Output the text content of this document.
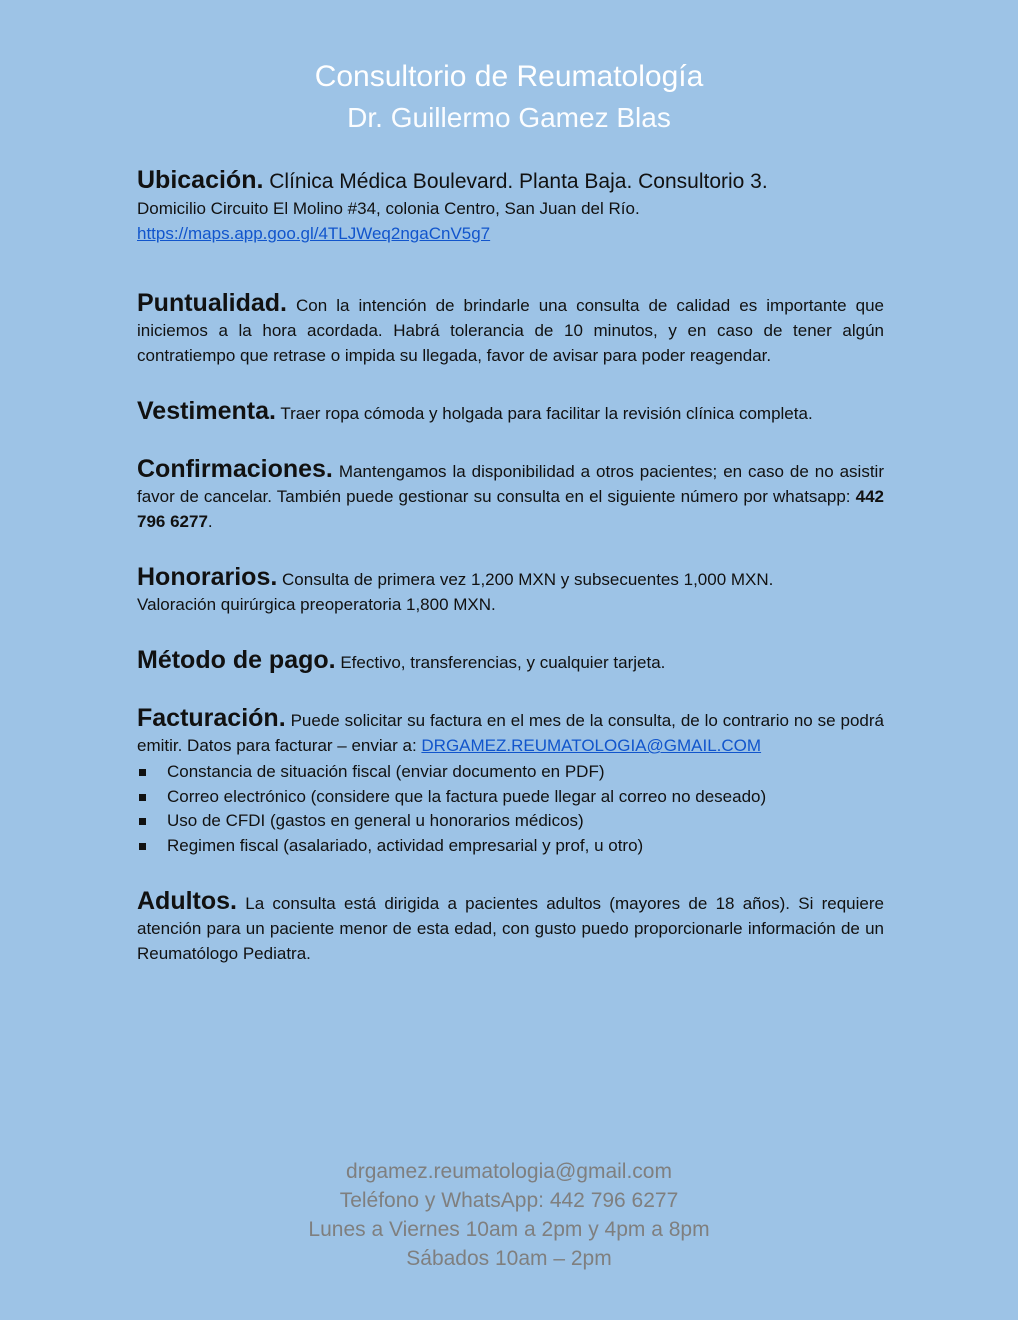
Consultorio de Reumatología
Dr. Guillermo Gamez Blas
Ubicación. Clínica Médica Boulevard. Planta Baja. Consultorio 3.
Domicilio Circuito El Molino #34, colonia Centro, San Juan del Río.
https://maps.app.goo.gl/4TLJWeq2ngaCnV5g7
Puntualidad. Con la intención de brindarle una consulta de calidad es importante que iniciemos a la hora acordada. Habrá tolerancia de 10 minutos, y en caso de tener algún contratiempo que retrase o impida su llegada, favor de avisar para poder reagendar.
Vestimenta. Traer ropa cómoda y holgada para facilitar la revisión clínica completa.
Confirmaciones. Mantengamos la disponibilidad a otros pacientes; en caso de no asistir favor de cancelar. También puede gestionar su consulta en el siguiente número por whatsapp: 442 796 6277.
Honorarios. Consulta de primera vez 1,200 MXN y subsecuentes 1,000 MXN.
Valoración quirúrgica preoperatoria 1,800 MXN.
Método de pago. Efectivo, transferencias, y cualquier tarjeta.
Facturación. Puede solicitar su factura en el mes de la consulta, de lo contrario no se podrá emitir. Datos para facturar – enviar a: DRGAMEZ.REUMATOLOGIA@GMAIL.COM
Constancia de situación fiscal (enviar documento en PDF)
Correo electrónico (considere que la factura puede llegar al correo no deseado)
Uso de CFDI (gastos en general u honorarios médicos)
Regimen fiscal (asalariado, actividad empresarial y prof, u otro)
Adultos. La consulta está dirigida a pacientes adultos (mayores de 18 años). Si requiere atención para un paciente menor de esta edad, con gusto puedo proporcionarle información de un Reumatólogo Pediatra.
drgamez.reumatologia@gmail.com
Teléfono y WhatsApp: 442 796 6277
Lunes a Viernes 10am a 2pm y 4pm a 8pm
Sábados 10am – 2pm
